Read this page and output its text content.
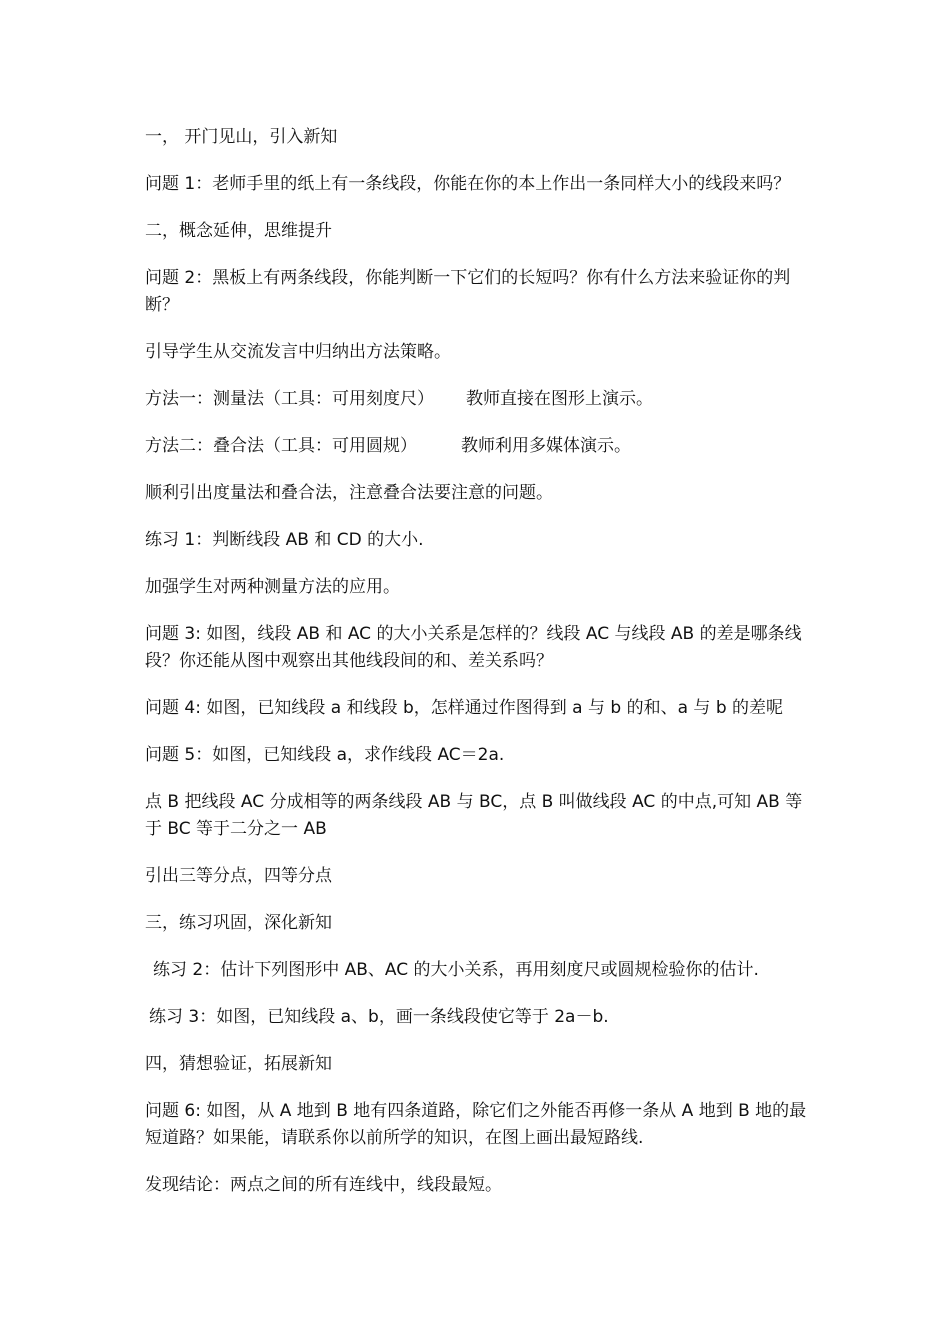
一， 开门见山，引入新知

问题 1：老师手里的纸上有一条线段，你能在你的本上作出一条同样大小的线段来吗？

二，概念延伸，思维提升

问题 2：黑板上有两条线段，你能判断一下它们的长短吗？你有什么方法来验证你的判断？

引导学生从交流发言中归纳出方法策略。

方法一：测量法（工具：可用刻度尺） 教师直接在图形上演示。

方法二：叠合法（工具：可用圆规）	教师利用多媒体演示。

顺利引出度量法和叠合法，注意叠合法要注意的问题。

练习 1：判断线段 AB 和 CD 的大小.

加强学生对两种测量方法的应用。

问题 3: 如图，线段 AB 和 AC 的大小关系是怎样的？线段 AC 与线段 AB 的差是哪条线段？你还能从图中观察出其他线段间的和、差关系吗？

问题 4: 如图，已知线段 a 和线段 b，怎样通过作图得到 a 与 b 的和、a 与 b 的差呢

问题 5：如图，已知线段 a，求作线段 AC＝2a.

点 B 把线段 AC 分成相等的两条线段 AB 与 BC，点 B 叫做线段 AC 的中点,可知 AB 等于 BC 等于二分之一 AB

引出三等分点，四等分点

三，练习巩固，深化新知

练习 2：估计下列图形中 AB、AC 的大小关系，再用刻度尺或圆规检验你的估计.

练习 3：如图，已知线段 a、b，画一条线段使它等于 2a－b.

四，猜想验证，拓展新知

问题 6: 如图，从 A 地到 B 地有四条道路，除它们之外能否再修一条从 A 地到 B 地的最短道路？如果能，请联系你以前所学的知识，在图上画出最短路线.

发现结论：两点之间的所有连线中，线段最短。
